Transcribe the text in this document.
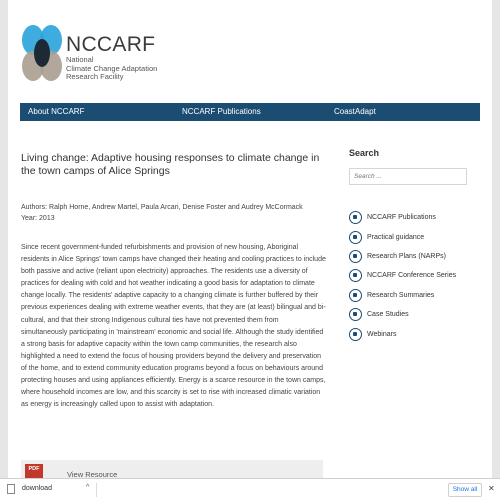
NCCARF
National
Climate Change Adaptation
Research Facility
About NCCARF	NCCARF Publications	CoastAdapt
Living change: Adaptive housing responses to climate change in the town camps of Alice Springs
Authors: Ralph Horne, Andrew Martel, Paula Arcari, Denise Foster and Audrey McCormack
Year: 2013

Since recent government-funded refurbishments and provision of new housing, Aboriginal residents in Alice Springs' town camps have changed their heating and cooling practices to include both passive and active (reliant upon electricity) approaches. The residents use a diversity of practices for dealing with cold and hot weather indicating a good basis for adaptation to climate change locally. The residents' adaptive capacity to a changing climate is further buffered by their previous experiences dealing with extreme weather events, that they are (at least) bilingual and bi-cultural, and that their strong Indigenous cultural ties have not prevented them from simultaneously participating in 'mainstream' economic and social life. Although the study identified a strong basis for adaptive capacity within the town camp communities, the research also highlighted a need to extend the focus of housing providers beyond the delivery and preservation of the home, and to extend community education programs beyond a focus on behaviours around protecting houses and using appliances efficiently. Energy is a scarce resource in the town camps, where household incomes are low, and this scarcity is set to rise with increased climatic variation as energy is increasingly called upon to assist with adaptation.

PDF
View Resource
Search
Search ...
NCCARF Publications
Practical guidance
Research Plans (NARPs)
NCCARF Conference Series
Research Summaries
Case Studies
Webinars
download	^	Show all	✕
